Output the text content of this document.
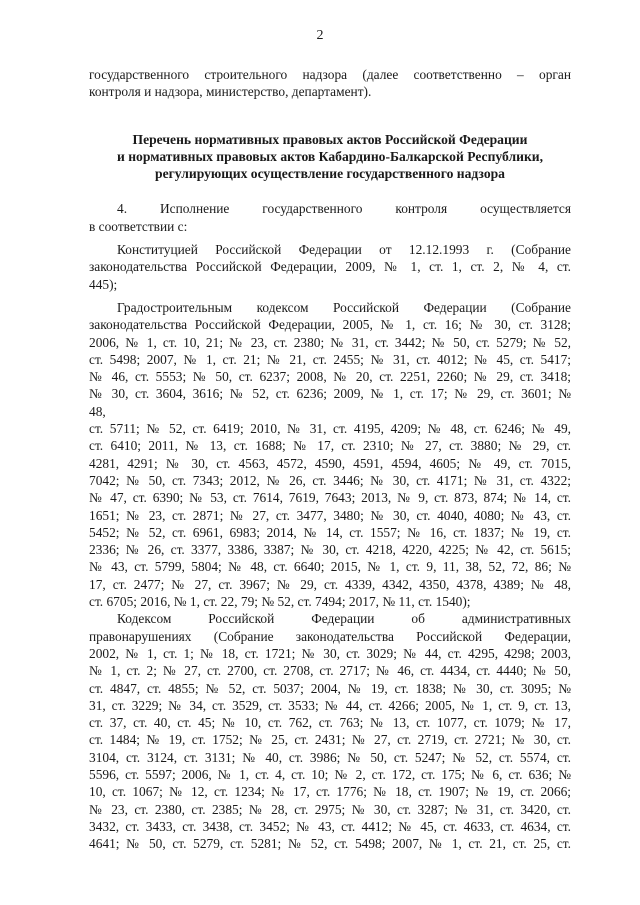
2
государственного строительного надзора (далее соответственно – орган
контроля и надзора, министерство, департамент).
Перечень нормативных правовых актов Российской Федерации
и нормативных правовых актов Кабардино-Балкарской Республики,
регулирующих осуществление государственного надзора
4. Исполнение государственного контроля осуществляется
в соответствии с:
Конституцией Российской Федерации от 12.12.1993 г. (Собрание
законодательства Российской Федерации, 2009, № 1, ст. 1, ст. 2, № 4, ст.
445);
Градостроительным кодексом Российской Федерации (Собрание
законодательства Российской Федерации, 2005, № 1, ст. 16; № 30, ст. 3128;
2006, № 1, ст. 10, 21; № 23, ст. 2380; № 31, ст. 3442; № 50, ст. 5279; № 52,
ст. 5498; 2007, № 1, ст. 21; № 21, ст. 2455; № 31, ст. 4012; № 45, ст. 5417;
№ 46, ст. 5553; № 50, ст. 6237; 2008, № 20, ст. 2251, 2260; № 29, ст. 3418;
№ 30, ст. 3604, 3616; № 52, ст. 6236; 2009, № 1, ст. 17; № 29, ст. 3601; №
48,
ст. 5711; № 52, ст. 6419; 2010, № 31, ст. 4195, 4209; № 48, ст. 6246; № 49,
ст. 6410; 2011, № 13, ст. 1688; № 17, ст. 2310; № 27, ст. 3880; № 29, ст.
4281, 4291; № 30, ст. 4563, 4572, 4590, 4591, 4594, 4605; № 49, ст. 7015,
7042; № 50, ст. 7343; 2012, № 26, ст. 3446; № 30, ст. 4171; № 31, ст. 4322;
№ 47, ст. 6390; № 53, ст. 7614, 7619, 7643; 2013, № 9, ст. 873, 874; № 14, ст.
1651; № 23, ст. 2871; № 27, ст. 3477, 3480; № 30, ст. 4040, 4080; № 43, ст.
5452; № 52, ст. 6961, 6983; 2014, № 14, ст. 1557; № 16, ст. 1837; № 19, ст.
2336; № 26, ст. 3377, 3386, 3387; № 30, ст. 4218, 4220, 4225; № 42, ст. 5615;
№ 43, ст. 5799, 5804; № 48, ст. 6640; 2015, № 1, ст. 9, 11, 38, 52, 72, 86; №
17, ст. 2477; № 27, ст. 3967; № 29, ст. 4339, 4342, 4350, 4378, 4389; № 48,
ст. 6705; 2016, № 1, ст. 22, 79; № 52, ст. 7494; 2017, № 11, ст. 1540);
Кодексом Российской Федерации об административных
правонарушениях (Собрание законодательства Российской Федерации,
2002, № 1, ст. 1; № 18, ст. 1721; № 30, ст. 3029; № 44, ст. 4295, 4298; 2003,
№ 1, ст. 2; № 27, ст. 2700, ст. 2708, ст. 2717; № 46, ст. 4434, ст. 4440; № 50,
ст. 4847, ст. 4855; № 52, ст. 5037; 2004, № 19, ст. 1838; № 30, ст. 3095; №
31, ст. 3229; № 34, ст. 3529, ст. 3533; № 44, ст. 4266; 2005, № 1, ст. 9, ст. 13,
ст. 37, ст. 40, ст. 45; № 10, ст. 762, ст. 763; № 13, ст. 1077, ст. 1079; № 17,
ст. 1484; № 19, ст. 1752; № 25, ст. 2431; № 27, ст. 2719, ст. 2721; № 30, ст.
3104, ст. 3124, ст. 3131; № 40, ст. 3986; № 50, ст. 5247; № 52, ст. 5574, ст.
5596, ст. 5597; 2006, № 1, ст. 4, ст. 10; № 2, ст. 172, ст. 175; № 6, ст. 636; №
10, ст. 1067; № 12, ст. 1234; № 17, ст. 1776; № 18, ст. 1907; № 19, ст. 2066;
№ 23, ст. 2380, ст. 2385; № 28, ст. 2975; № 30, ст. 3287; № 31, ст. 3420, ст.
3432, ст. 3433, ст. 3438, ст. 3452; № 43, ст. 4412; № 45, ст. 4633, ст. 4634, ст.
4641; № 50, ст. 5279, ст. 5281; № 52, ст. 5498; 2007, № 1, ст. 21, ст. 25, ст.
